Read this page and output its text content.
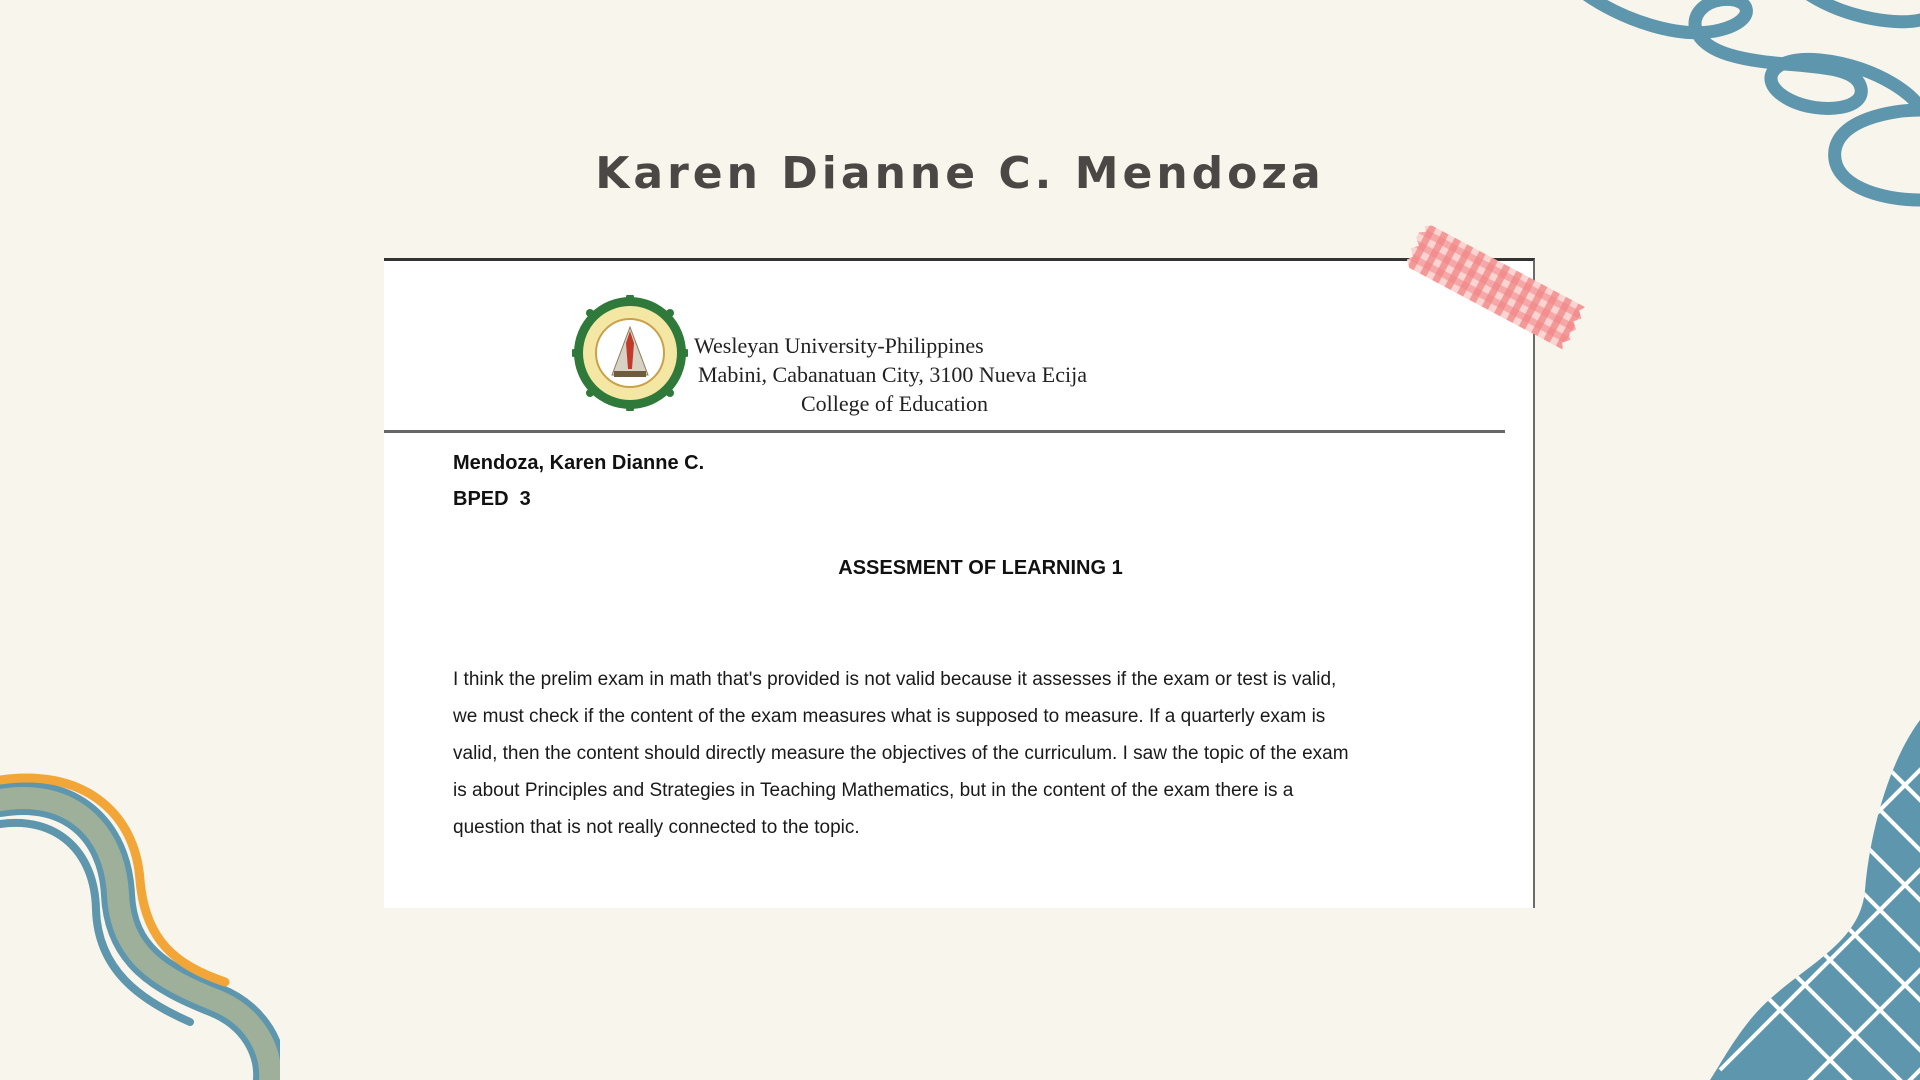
Karen Dianne C. Mendoza
Wesleyan University-Philippines
Mabini, Cabanatuan City, 3100 Nueva Ecija
College of Education
Mendoza, Karen Dianne C.
BPED  3
ASSESMENT OF LEARNING 1

I think the prelim exam in math that's provided is not valid because it assesses if the exam or test is valid,
we must check if the content of the exam measures what is supposed to measure. If a quarterly exam is
valid, then the content should directly measure the objectives of the curriculum. I saw the topic of the exam
is about Principles and Strategies in Teaching Mathematics, but in the content of the exam there is a
question that is not really connected to the topic.
